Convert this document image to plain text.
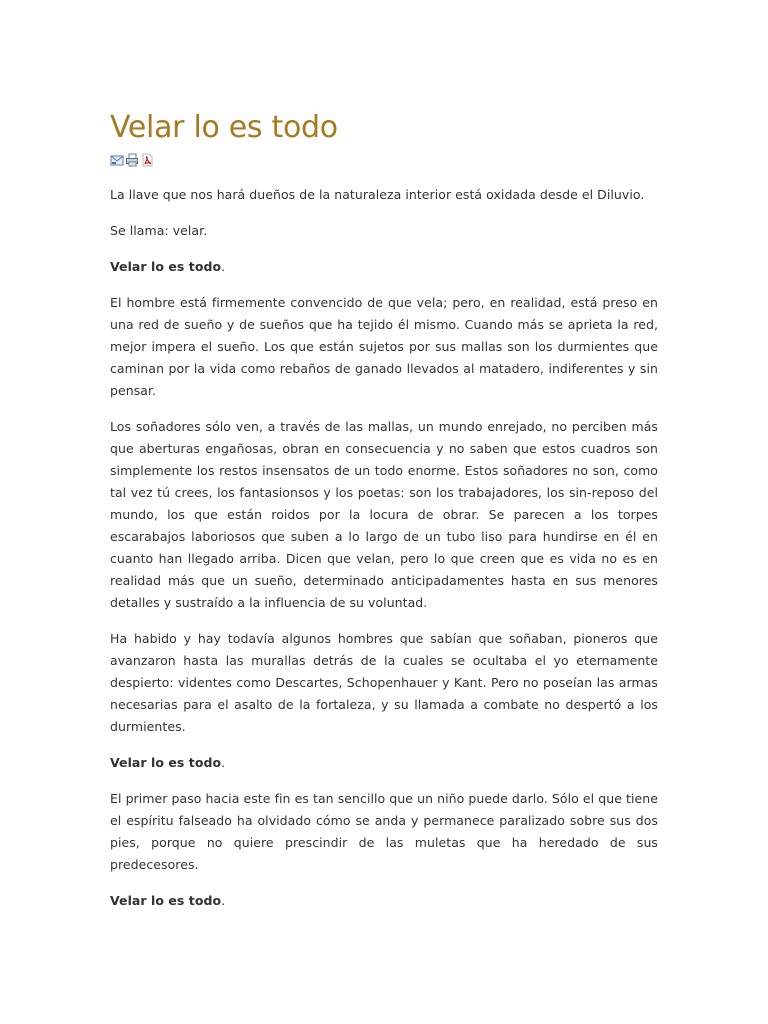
Velar lo es todo

La llave que nos hará dueños de la naturaleza interior está oxidada desde el Diluvio.

Se llama: velar.

Velar lo es todo.

El hombre está firmemente convencido de que vela; pero, en realidad, está preso en una red de sueño y de sueños que ha tejido él mismo. Cuando más se aprieta la red, mejor impera el sueño. Los que están sujetos por sus mallas son los durmientes que caminan por la vida como rebaños de ganado llevados al matadero, indiferentes y sin pensar.

Los soñadores sólo ven, a través de las mallas, un mundo enrejado, no perciben más que aberturas engañosas, obran en consecuencia y no saben que estos cuadros son simplemente los restos insensatos de un todo enorme. Estos soñadores no son, como tal vez tú crees, los fantasionsos y los poetas: son los trabajadores, los sin-reposo del mundo, los que están roidos por la locura de obrar. Se parecen a los torpes escarabajos laboriosos que suben a lo largo de un tubo liso para hundirse en él en cuanto han llegado arriba. Dicen que velan, pero lo que creen que es vida no es en realidad más que un sueño, determinado anticipadamentes hasta en sus menores detalles y sustraído a la influencia de su voluntad.

Ha habido y hay todavía algunos hombres que sabían que soñaban, pioneros que avanzaron hasta las murallas detrás de la cuales se ocultaba el yo eternamente despierto: videntes como Descartes, Schopenhauer y Kant. Pero no poseían las armas necesarias para el asalto de la fortaleza, y su llamada a combate no despertó a los durmientes.

Velar lo es todo.

El primer paso hacia este fin es tan sencillo que un niño puede darlo. Sólo el que tiene el espíritu falseado ha olvidado cómo se anda y permanece paralizado sobre sus dos pies, porque no quiere prescindir de las muletas que ha heredado de sus predecesores.

Velar lo es todo.
